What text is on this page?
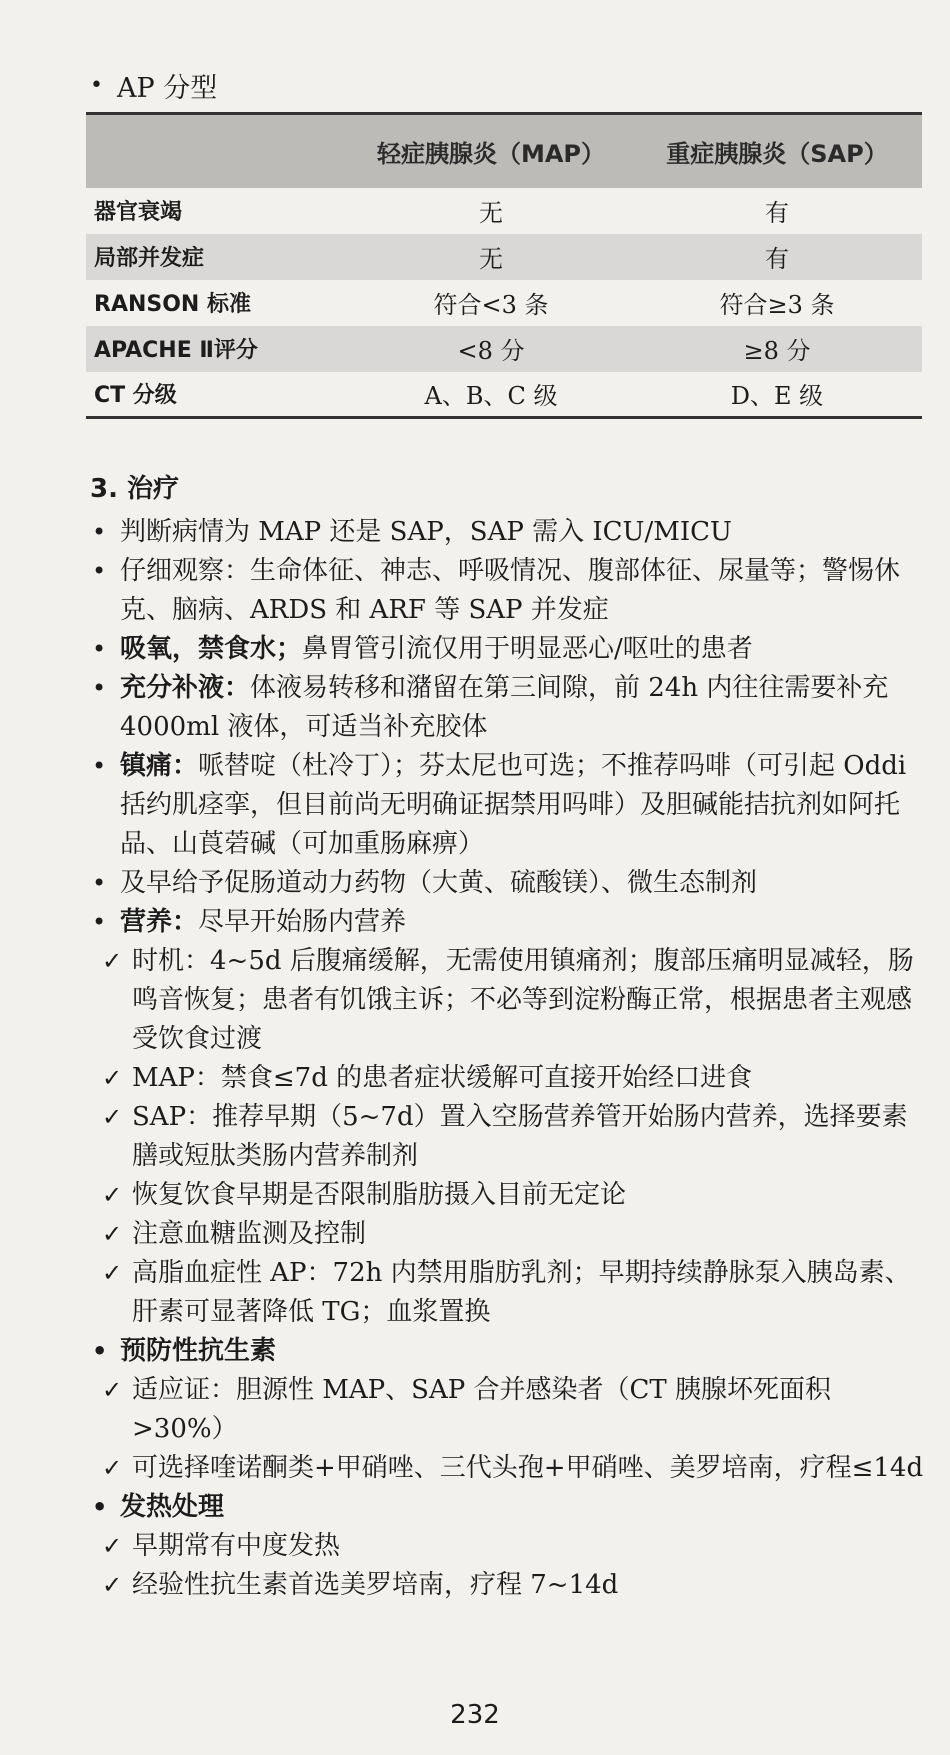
• AP 分型
	轻症胰腺炎（MAP）	重症胰腺炎（SAP）
器官衰竭	无	有
局部并发症	无	有
RANSON 标准	符合<3 条	符合≥3 条
APACHE Ⅱ评分	<8 分	≥8 分
CT 分级	A、B、C 级	D、E 级
3. 治疗
• 判断病情为 MAP 还是 SAP，SAP 需入 ICU/MICU
• 仔细观察：生命体征、神志、呼吸情况、腹部体征、尿量等；警惕休克、脑病、ARDS 和 ARF 等 SAP 并发症
• 吸氧，禁食水；鼻胃管引流仅用于明显恶心/呕吐的患者
• 充分补液：体液易转移和潴留在第三间隙，前 24h 内往往需要补充 4000ml 液体，可适当补充胶体
• 镇痛：哌替啶（杜冷丁）；芬太尼也可选；不推荐吗啡（可引起 Oddi 括约肌痉挛，但目前尚无明确证据禁用吗啡）及胆碱能拮抗剂如阿托品、山莨菪碱（可加重肠麻痹）
• 及早给予促肠道动力药物（大黄、硫酸镁）、微生态制剂
• 营养：尽早开始肠内营养
✓ 时机：4~5d 后腹痛缓解，无需使用镇痛剂；腹部压痛明显减轻，肠鸣音恢复；患者有饥饿主诉；不必等到淀粉酶正常，根据患者主观感受饮食过渡
✓ MAP：禁食≤7d 的患者症状缓解可直接开始经口进食
✓ SAP：推荐早期（5~7d）置入空肠营养管开始肠内营养，选择要素膳或短肽类肠内营养制剂
✓ 恢复饮食早期是否限制脂肪摄入目前无定论
✓ 注意血糖监测及控制
✓ 高脂血症性 AP：72h 内禁用脂肪乳剂；早期持续静脉泵入胰岛素、肝素可显著降低 TG；血浆置换
• 预防性抗生素
✓ 适应证：胆源性 MAP、SAP 合并感染者（CT 胰腺坏死面积 >30%）
✓ 可选择喹诺酮类+甲硝唑、三代头孢+甲硝唑、美罗培南，疗程≤14d
• 发热处理
✓ 早期常有中度发热
✓ 经验性抗生素首选美罗培南，疗程 7~14d
232
